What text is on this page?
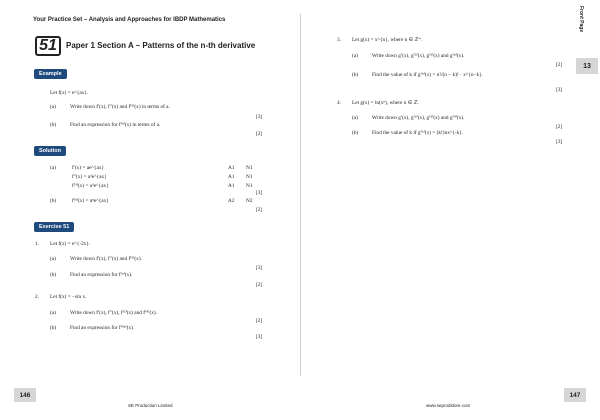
Your Practice Set – Analysis and Approaches for IBDP Mathematics	Front Page
13
51	Paper 1 Section A – Patterns of the n-th derivative
Example
Let f(x) = e^{ax}.
(a)	Write down f′(x), f″(x) and f⁽³⁾(x) in terms of a.
[3]
(b)	Find an expression for f⁽ⁿ⁾(x) in terms of a.
[2]
Solution
(a)	f′(x) = ae^{ax}	A1 N1
f″(x) = a²e^{ax}	A1 N1
f⁽³⁾(x) = a³e^{ax}	A1 N1
[3]
(b)	f⁽ⁿ⁾(x) = aⁿe^{ax}	A2 N2
[2]
Exercise 51
1. Let f(x) = e^{-2x}.
(a)	Write down f′(x), f″(x) and f⁽³⁾(x).
[3]
(b)	Find an expression for f⁽ⁿ⁾(x).
[2]
2. Let f(x) = −sin x.
(a)	Write down f′(x), f″(x), f⁽³⁾(x) and f⁽⁴⁾(x).
[2]
(b)	Find an expression for f⁽⁴ⁿ⁾(x).
[3]
3. Let g(x) = x^{n}, where n ∈ ℤ⁺.
(a)	Write down g′(x), g⁽²⁾(x), g⁽³⁾(x) and g⁽ⁿ⁾(x).
[2]
(b)	Find the value of k if g⁽ⁿ⁾(x) = n!/(n − k)! · x^{n−k}.
[3]
4. Let g(x) = ln(xⁿ), where n ∈ ℤ.
(a)	Write down g′(x), g⁽²⁾(x), g⁽³⁾(x) and g⁽⁴⁾(x).
[2]
(b)	Find the value of k if g⁽ᵏ⁾(x) = (k!)nx^{-k}.
[3]
146	147
SE Production Limited	www.seprodstore.com
